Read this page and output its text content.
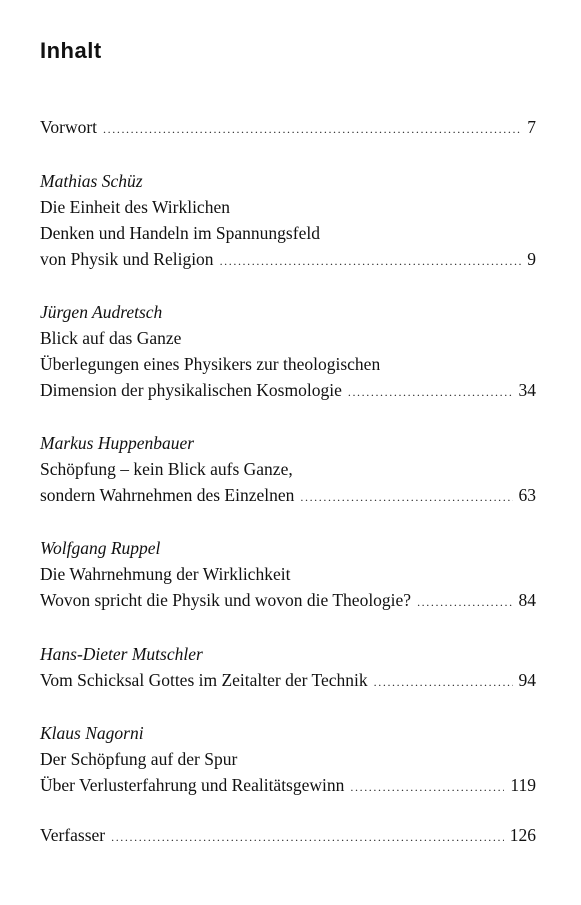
Inhalt
Vorwort .....	7
Mathias Schüz
Die Einheit des Wirklichen
Denken und Handeln im Spannungsfeld
von Physik und Religion .....	9
Jürgen Audretsch
Blick auf das Ganze
Überlegungen eines Physikers zur theologischen
Dimension der physikalischen Kosmologie .....	34
Markus Huppenbauer
Schöpfung – kein Blick aufs Ganze,
sondern Wahrnehmen des Einzelnen .....	63
Wolfgang Ruppel
Die Wahrnehmung der Wirklichkeit
Wovon spricht die Physik und wovon die Theologie? .....	84
Hans-Dieter Mutschler
Vom Schicksal Gottes im Zeitalter der Technik .....	94
Klaus Nagorni
Der Schöpfung auf der Spur
Über Verlusterfahrung und Realitätsgewinn .....	119
Verfasser .....	126
